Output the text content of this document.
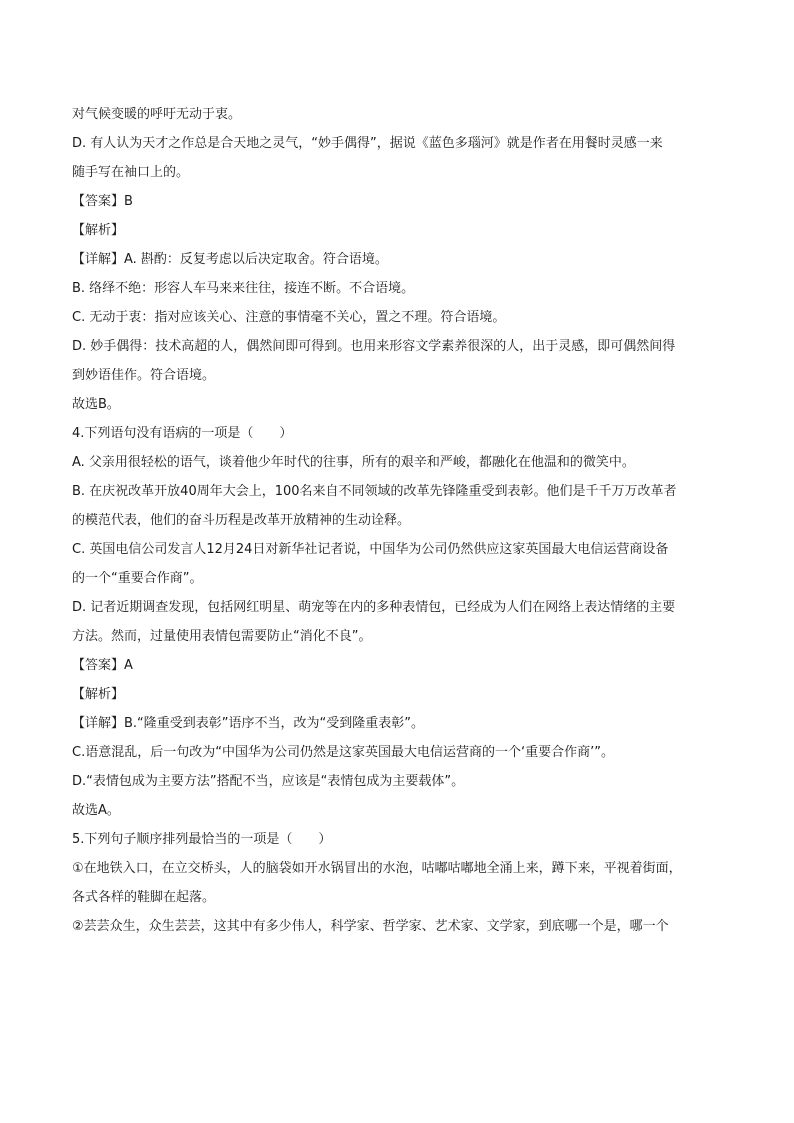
对气候变暖的呼吁无动于衷。
D. 有人认为天才之作总是合天地之灵气，“妙手偶得”，据说《蓝色多瑙河》就是作者在用餐时灵感一来
随手写在袖口上的。
【答案】B
【解析】
【详解】A. 斟酌：反复考虑以后决定取舍。符合语境。
B. 络绎不绝：形容人车马来来往往，接连不断。不合语境。
C. 无动于衷：指对应该关心、注意的事情毫不关心，置之不理。符合语境。
D. 妙手偶得：技术高超的人，偶然间即可得到。也用来形容文学素养很深的人，出于灵感，即可偶然间得
到妙语佳作。符合语境。
故选B。
4.下列语句没有语病的一项是（　　）
A. 父亲用很轻松的语气，谈着他少年时代的往事，所有的艰辛和严峻，都融化在他温和的微笑中。
B. 在庆祝改革开放40周年大会上，100名来自不同领域的改革先锋隆重受到表彰。他们是千千万万改革者
的模范代表，他们的奋斗历程是改革开放精神的生动诠释。
C. 英国电信公司发言人12月24日对新华社记者说，中国华为公司仍然供应这家英国最大电信运营商设备
的一个“重要合作商”。
D. 记者近期调查发现，包括网红明星、萌宠等在内的多种表情包，已经成为人们在网络上表达情绪的主要
方法。然而，过量使用表情包需要防止“消化不良”。
【答案】A
【解析】
【详解】B.“隆重受到表彰”语序不当，改为“受到隆重表彰”。
C.语意混乱，后一句改为“中国华为公司仍然是这家英国最大电信运营商的一个‘重要合作商’”。
D.“表情包成为主要方法”搭配不当，应该是“表情包成为主要载体”。
故选A。
5.下列句子顺序排列最恰当的一项是（　　）
①在地铁入口，在立交桥头，人的脑袋如开水锅冒出的水泡，咕嘟咕嘟地全涌上来，蹲下来，平视着街面，
各式各样的鞋脚在起落。
②芸芸众生，众生芸芸，这其中有多少伟人，科学家、哲学家、艺术家、文学家，到底哪一个是，哪一个
